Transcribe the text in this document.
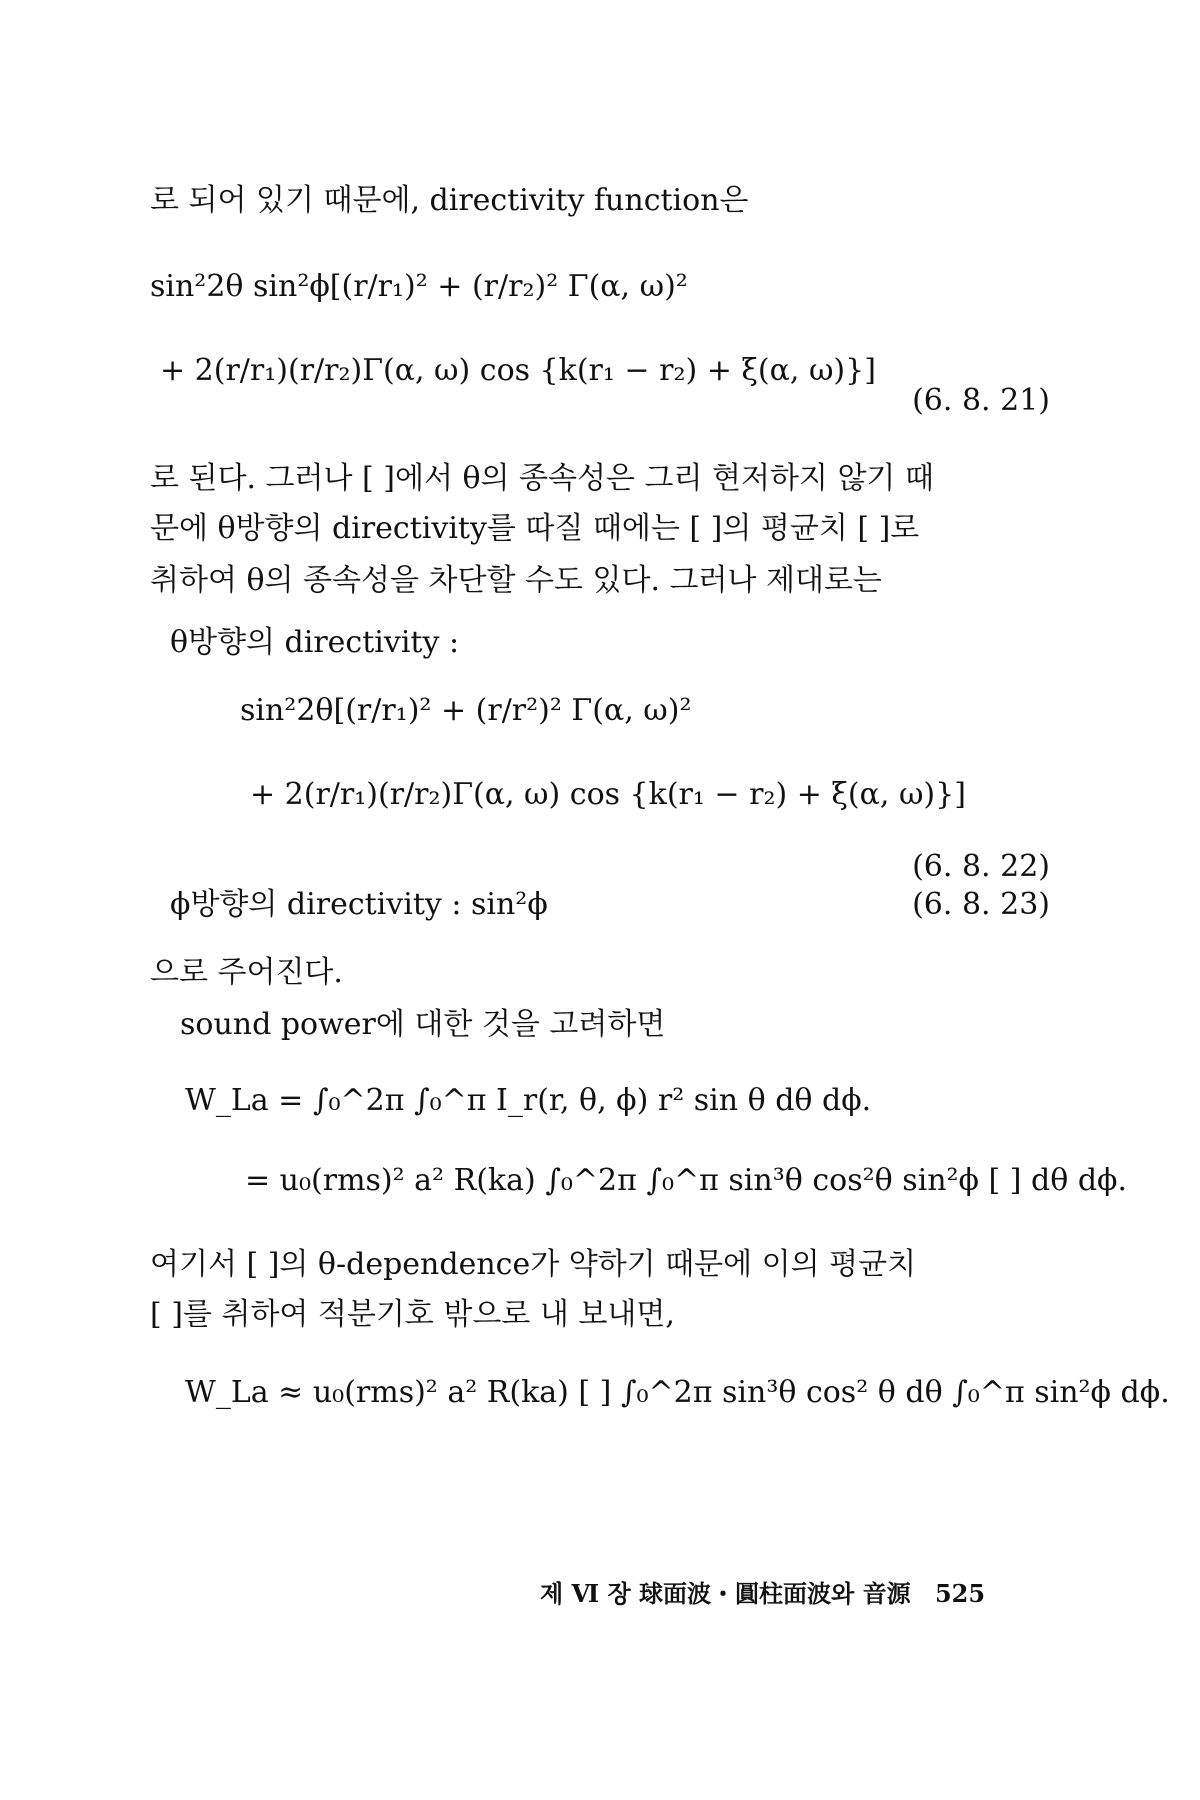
로 되어 있기 때문에, directivity function은
sin²2θ sin²ϕ[(r/r₁)² + (r/r₂)² Γ(α, ω)²
+ 2(r/r₁)(r/r₂)Γ(α, ω) cos {k(r₁ − r₂) + ξ(α, ω)}]
(6. 8. 21)
로 된다. 그러나 [ ]에서 θ의 종속성은 그리 현저하지 않기 때
문에 θ방향의 directivity를 따질 때에는 [ ]의 평균치 [ ]로
취하여 θ의 종속성을 차단할 수도 있다. 그러나 제대로는
θ방향의 directivity :
sin²2θ[(r/r₁)² + (r/r²)² Γ(α, ω)²
+ 2(r/r₁)(r/r₂)Γ(α, ω) cos {k(r₁ − r₂) + ξ(α, ω)}]
(6. 8. 22)
ϕ방향의 directivity : sin²ϕ	(6. 8. 23)
으로 주어진다.
sound power에 대한 것을 고려하면
W_La = ∫₀^2π ∫₀^π I_r(r, θ, ϕ) r² sin θ dθ dϕ.
= u₀(rms)² a² R(ka) ∫₀^2π ∫₀^π sin³θ cos²θ sin²ϕ [ ] dθ dϕ.
여기서 [ ]의 θ-dependence가 약하기 때문에 이의 평균치
[ ]를 취하여 적분기호 밖으로 내 보내면,
W_La ≈ u₀(rms)² a² R(ka) [ ] ∫₀^2π sin³θ cos² θ dθ ∫₀^π sin²ϕ dϕ.
제 Ⅵ 장 球面波・圓柱面波와 音源 525
